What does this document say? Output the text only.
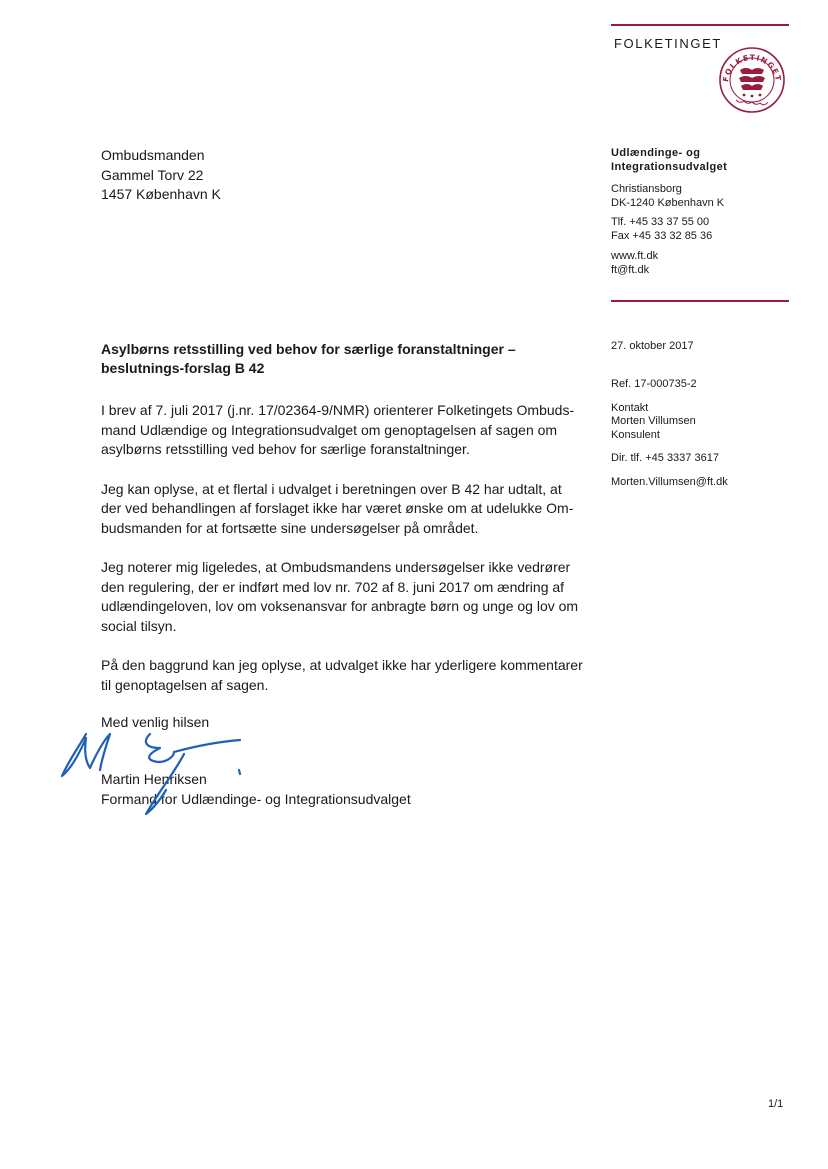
FOLKETINGET
FOLKETINGET
Ombudsmanden
Gammel Torv 22
1457 København K
Udlændinge- og
Integrationsudvalget
Christiansborg
DK-1240 København K
Tlf. +45 33 37 55 00
Fax +45 33 32 85 36
www.ft.dk
ft@ft.dk
27. oktober 2017
Ref. 17-000735-2
Kontakt
Morten Villumsen
Konsulent
Dir. tlf. +45 3337 3617
Morten.Villumsen@ft.dk
Asylbørns retsstilling ved behov for særlige foranstaltninger – beslutnings-forslag B 42

I brev af 7. juli 2017 (j.nr. 17/02364-9/NMR) orienterer Folketingets Ombuds-mand Udlændige og Integrationsudvalget om genoptagelsen af sagen om asylbørns retsstilling ved behov for særlige foranstaltninger.

Jeg kan oplyse, at et flertal i udvalget i beretningen over B 42 har udtalt, at der ved behandlingen af forslaget ikke har været ønske om at udelukke Om-budsmanden for at fortsætte sine undersøgelser på området.

Jeg noterer mig ligeledes, at Ombudsmandens undersøgelser ikke vedrører den regulering, der er indført med lov nr. 702 af 8. juni 2017 om ændring af udlændingeloven, lov om voksenansvar for anbragte børn og unge og lov om social tilsyn.

På den baggrund kan jeg oplyse, at udvalget ikke har yderligere kommentarer til genoptagelsen af sagen.

Med venlig hilsen
Martin Henriksen
Formand for Udlændinge- og Integrationsudvalget
1/1
